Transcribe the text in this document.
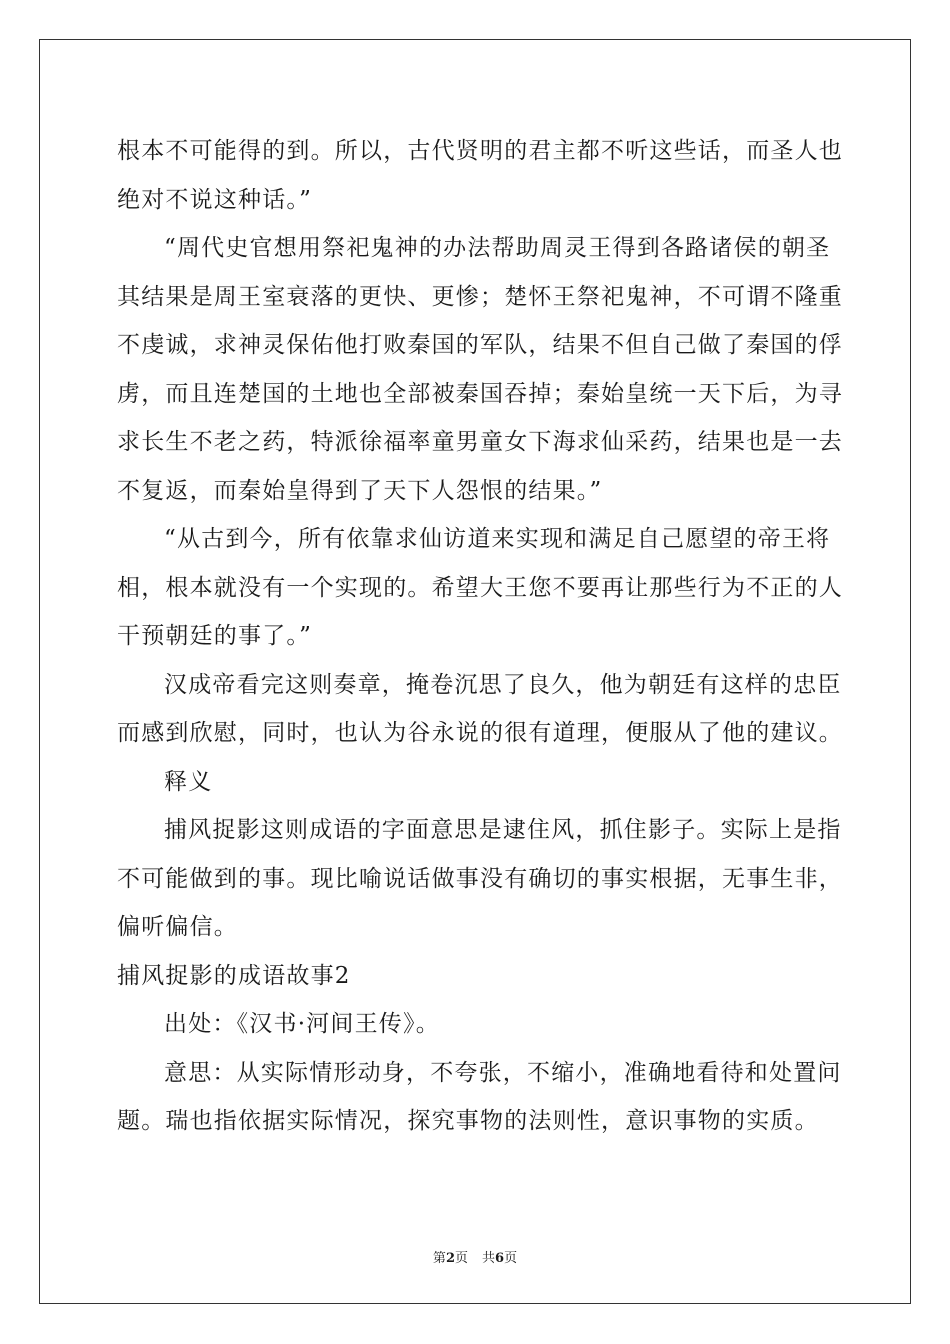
根本不可能得的到。所以，古代贤明的君主都不听这些话，而圣人也
绝对不说这种话。”
“周代史官想用祭祀鬼神的办法帮助周灵王得到各路诸侯的朝圣
其结果是周王室衰落的更快、更惨；楚怀王祭祀鬼神，不可谓不隆重
不虔诚，求神灵保佑他打败秦国的军队，结果不但自己做了秦国的俘
虏，而且连楚国的土地也全部被秦国吞掉；秦始皇统一天下后，为寻
求长生不老之药，特派徐福率童男童女下海求仙采药，结果也是一去
不复返，而秦始皇得到了天下人怨恨的结果。”
“从古到今，所有依靠求仙访道来实现和满足自己愿望的帝王将
相，根本就没有一个实现的。希望大王您不要再让那些行为不正的人
干预朝廷的事了。”
汉成帝看完这则奏章，掩卷沉思了良久，他为朝廷有这样的忠臣
而感到欣慰，同时，也认为谷永说的很有道理，便服从了他的建议。
释义
捕风捉影这则成语的字面意思是逮住风，抓住影子。实际上是指
不可能做到的事。现比喻说话做事没有确切的事实根据，无事生非，
偏听偏信。
捕风捉影的成语故事2
出处：《汉书·河间王传》。
意思：从实际情形动身，不夸张，不缩小，准确地看待和处置问
题。瑞也指依据实际情况，探究事物的法则性，意识事物的实质。
第2页 共6页
